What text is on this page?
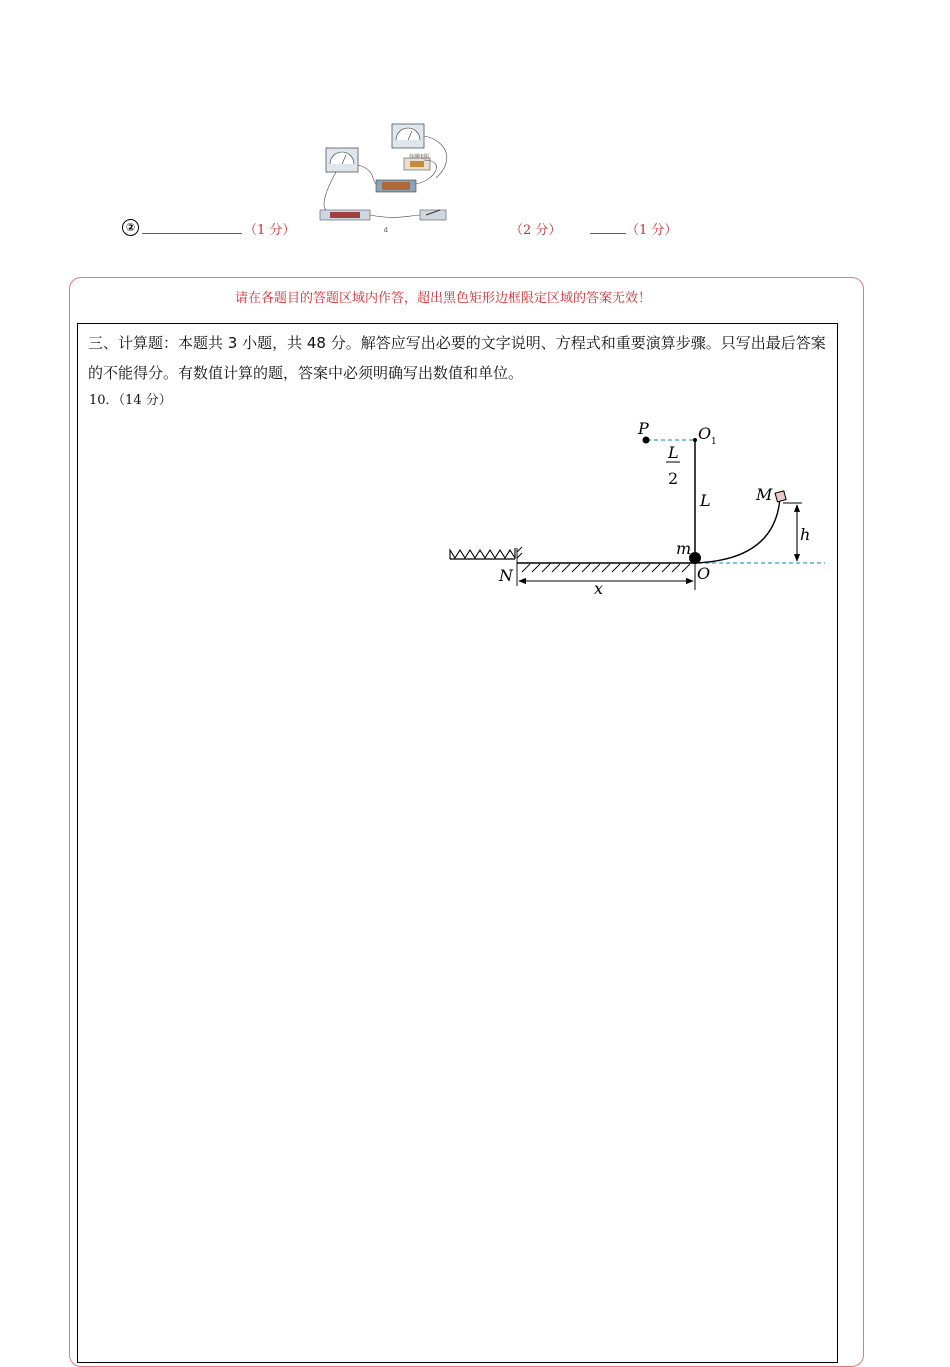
待测电阻
d
②	（1 分）	（2 分）	（1 分）
请在各题目的答题区域内作答，超出黑色矩形边框限定区域的答案无效！
三、计算题：本题共 3 小题，共 48 分。解答应写出必要的文字说明、方程式和重要演算步骤。只写出最后答案的不能得分。有数值计算的题，答案中必须明确写出数值和单位。
10．（14 分）
P	O
L
2
L	M
h
m
N	O
x
1
